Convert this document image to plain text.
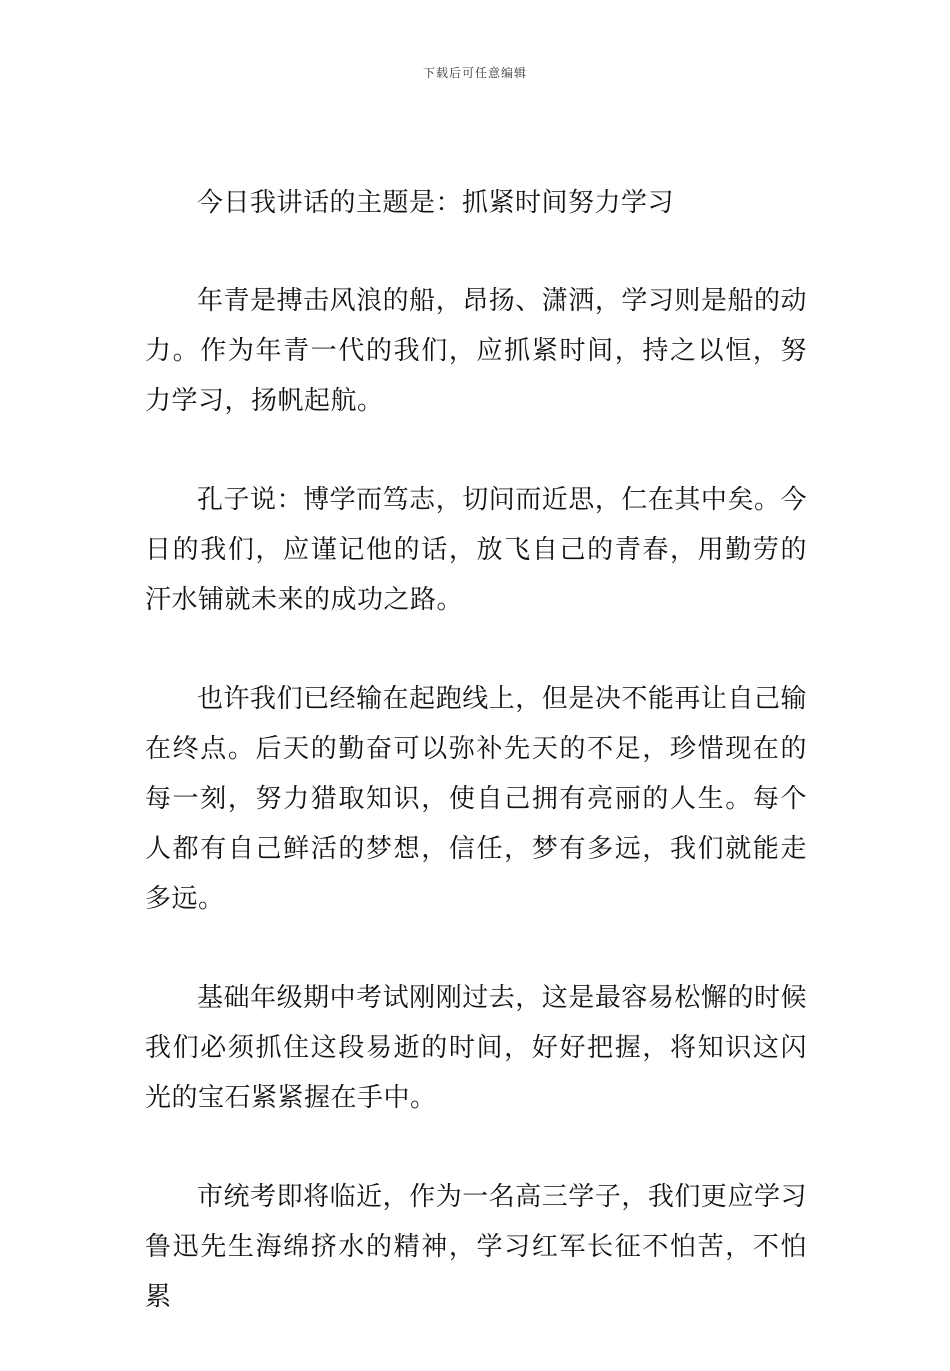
下载后可任意编辑

今日我讲话的主题是：抓紧时间努力学习

年青是搏击风浪的船，昂扬、潇洒，学习则是船的动力。作为年青一代的我们，应抓紧时间，持之以恒，努力学习，扬帆起航。

孔子说：博学而笃志，切问而近思，仁在其中矣。今日的我们，应谨记他的话，放飞自己的青春，用勤劳的汗水铺就未来的成功之路。

也许我们已经输在起跑线上，但是决不能再让自己输在终点。后天的勤奋可以弥补先天的不足，珍惜现在的每一刻，努力猎取知识，使自己拥有亮丽的人生。每个人都有自己鲜活的梦想，信任，梦有多远，我们就能走多远。

基础年级期中考试刚刚过去，这是最容易松懈的时候我们必须抓住这段易逝的时间，好好把握，将知识这闪光的宝石紧紧握在手中。

市统考即将临近，作为一名高三学子，我们更应学习鲁迅先生海绵挤水的精神，学习红军长征不怕苦，不怕累
